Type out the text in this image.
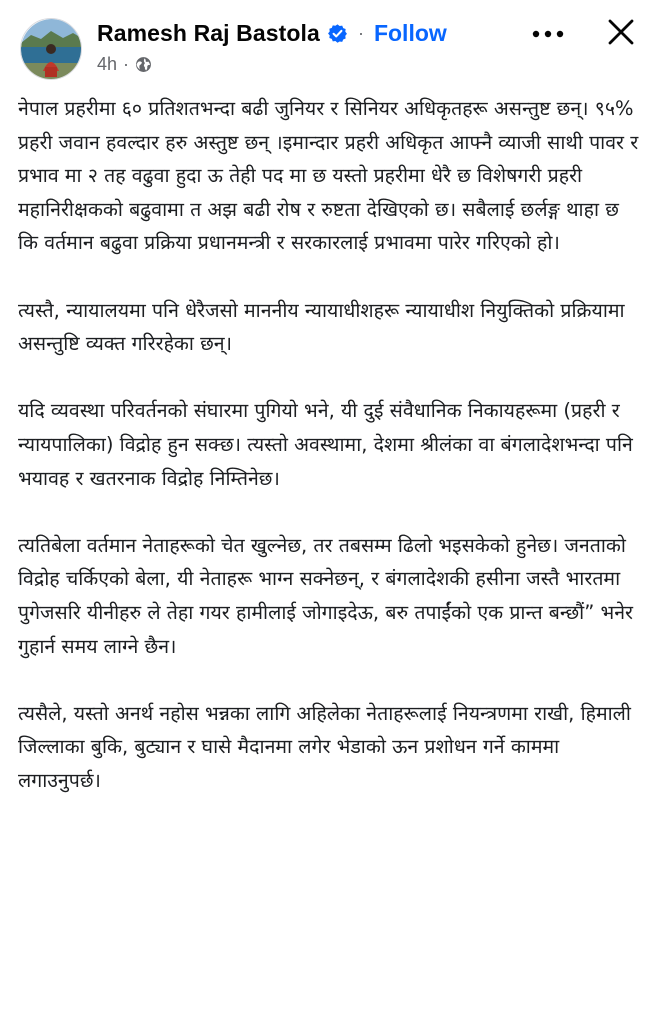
Ramesh Raj Bastola · Follow
4h ·

नेपाल प्रहरीमा ६० प्रतिशतभन्दा बढी जुनियर र सिनियर अधिकृतहरू असन्तुष्ट छन्। ९५% प्रहरी जवान हवल्दार हरु अस्तुष्ट छन् ।इमान्दार प्रहरी अधिकृत आफ्नै व्याजी साथी पावर र प्रभाव मा २ तह वढुवा हुदा ऊ तेही पद मा छ यस्तो प्रहरीमा धेरै छ विशेषगरी प्रहरी महानिरीक्षकको बढुवामा त अझ बढी रोष र रुष्टता देखिएको छ। सबैलाई छर्लङ्ग थाहा छ कि वर्तमान बढुवा प्रक्रिया प्रधानमन्त्री र सरकारलाई प्रभावमा पारेर गरिएको हो।

त्यस्तै, न्यायालयमा पनि धेरैजसो माननीय न्यायाधीशहरू न्यायाधीश नियुक्तिको प्रक्रियामा असन्तुष्टि व्यक्त गरिरहेका छन्।

यदि व्यवस्था परिवर्तनको संघारमा पुगियो भने, यी दुई संवैधानिक निकायहरूमा (प्रहरी र न्यायपालिका) विद्रोह हुन सक्छ। त्यस्तो अवस्थामा, देशमा श्रीलंका वा बंगलादेशभन्दा पनि भयावह र खतरनाक विद्रोह निम्तिनेछ।

त्यतिबेला वर्तमान नेताहरूको चेत खुल्नेछ, तर तबसम्म ढिलो भइसकेको हुनेछ। जनताको विद्रोह चर्किएको बेला, यी नेताहरू भाग्न सक्नेछन्, र बंगलादेशकी हसीना जस्तै भारतमा पुगेजसरि यीनीहरु ले तेहा गयर हामीलाई जोगाइदेऊ, बरु तपाईंको एक प्रान्त बन्छौं” भनेर गुहार्न समय लाग्ने छैन।

त्यसैले, यस्तो अनर्थ नहोस भन्नका लागि अहिलेका नेताहरूलाई नियन्त्रणमा राखी, हिमाली जिल्लाका बुकि, बुट्यान र घासे मैदानमा लगेर भेडाको ऊन प्रशोधन गर्ने काममा लगाउनुपर्छ।
